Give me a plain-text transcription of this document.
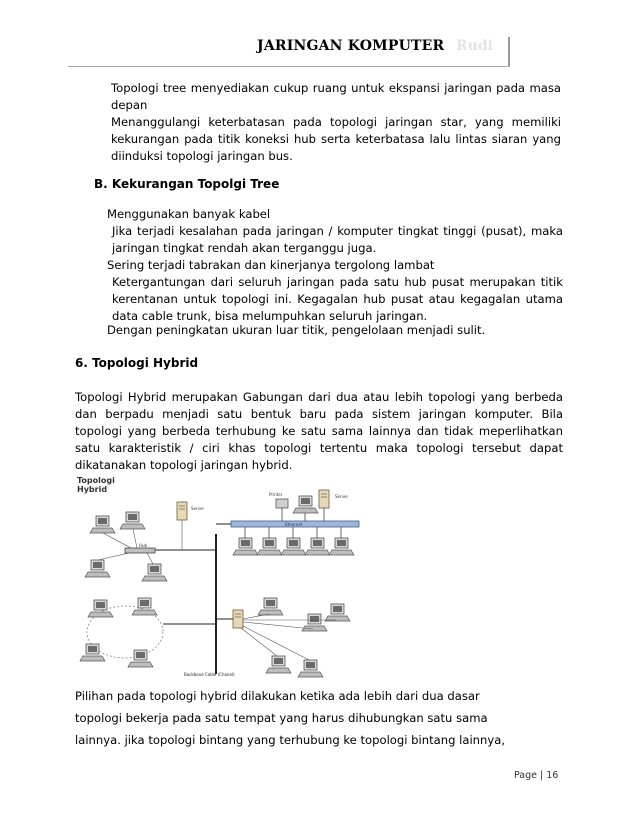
JARINGAN KOMPUTER Rudi
Topologi tree menyediakan cukup ruang untuk ekspansi jaringan pada masa depan
Menanggulangi keterbatasan pada topologi jaringan star, yang memiliki kekurangan pada titik koneksi hub serta keterbatasa lalu lintas siaran yang diinduksi topologi jaringan bus.
B. Kekurangan Topolgi Tree
Menggunakan banyak kabel
Jika terjadi kesalahan pada jaringan / komputer tingkat tinggi (pusat), maka jaringan tingkat rendah akan terganggu juga.
Sering terjadi tabrakan dan kinerjanya tergolong lambat
Ketergantungan dari seluruh jaringan pada satu hub pusat merupakan titik kerentanan untuk topologi ini. Kegagalan hub pusat atau kegagalan utama data cable trunk, bisa melumpuhkan seluruh jaringan.
Dengan peningkatan ukuran luar titik, pengelolaan menjadi sulit.
6. Topologi Hybrid
Topologi Hybrid merupakan Gabungan dari dua atau lebih topologi yang berbeda dan berpadu menjadi satu bentuk baru pada sistem jaringan komputer. Bila topologi yang berbeda terhubung ke satu sama lainnya dan tidak meperlihatkan satu karakteristik / ciri khas topologi tertentu maka topologi tersebut dapat dikatanakan topologi jaringan hybrid.
Topologi
Hybrid
Ethernet
Printer	Server
Hub
Server
Backbone Cable (Chanel)
Pilihan pada topologi hybrid dilakukan ketika ada lebih dari dua dasar
topologi bekerja pada satu tempat yang harus dihubungkan satu sama
lainnya. jika topologi bintang yang terhubung ke topologi bintang lainnya,
Page | 16
